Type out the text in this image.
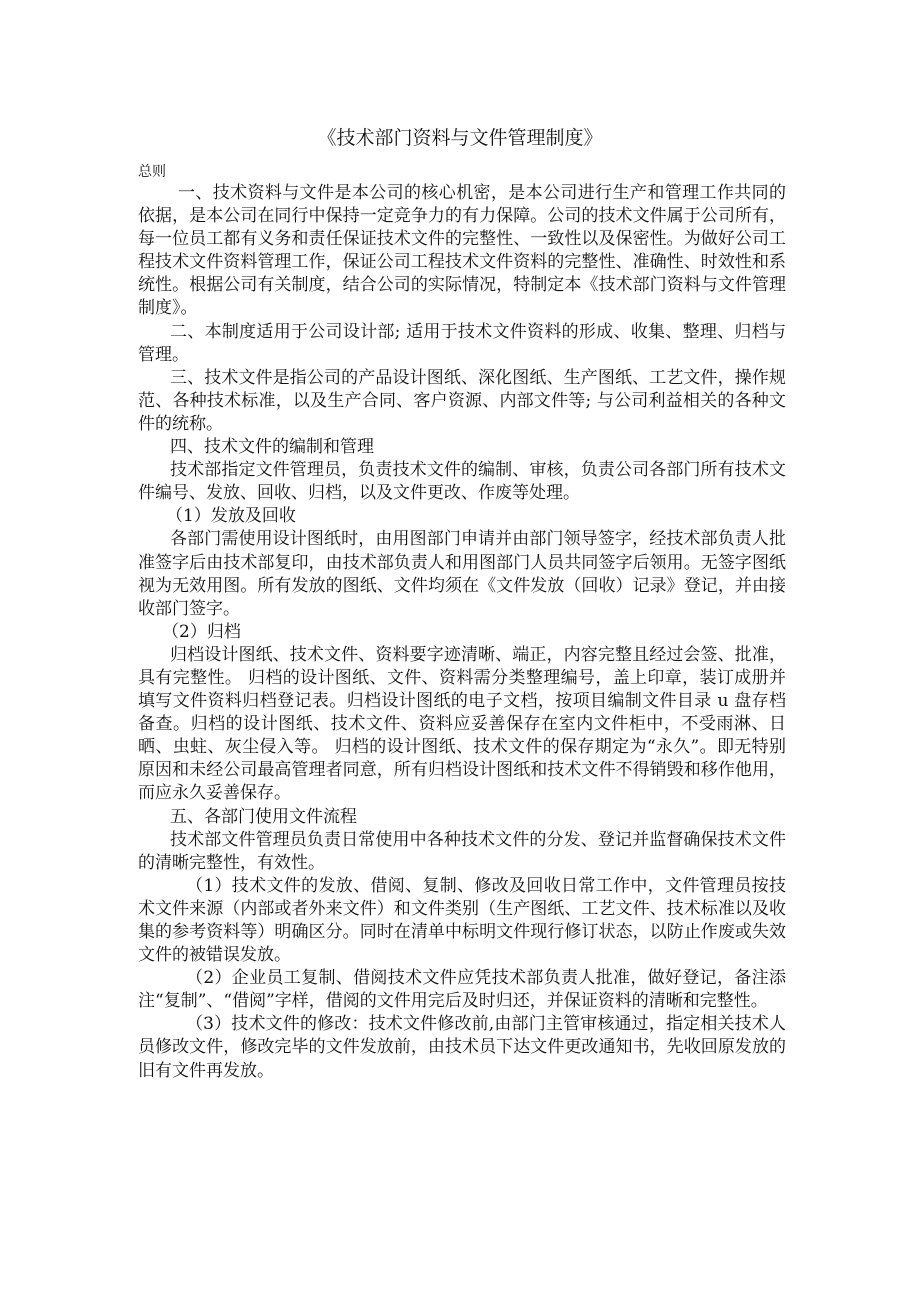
《技术部门资料与文件管理制度》
总则

一、技术资料与文件是本公司的核心机密，是本公司进行生产和管理工作共同的依据，是本公司在同行中保持一定竞争力的有力保障。公司的技术文件属于公司所有，每一位员工都有义务和责任保证技术文件的完整性、一致性以及保密性。为做好公司工程技术文件资料管理工作，保证公司工程技术文件资料的完整性、准确性、时效性和系统性。根据公司有关制度，结合公司的实际情况，特制定本《技术部门资料与文件管理制度》。

二、本制度适用于公司设计部; 适用于技术文件资料的形成、收集、整理、归档与管理。

三、技术文件是指公司的产品设计图纸、深化图纸、生产图纸、工艺文件，操作规范、各种技术标准，以及生产合同、客户资源、内部文件等; 与公司利益相关的各种文件的统称。

四、技术文件的编制和管理

技术部指定文件管理员，负责技术文件的编制、审核，负责公司各部门所有技术文件编号、发放、回收、归档，以及文件更改、作废等处理。

（1）发放及回收

各部门需使用设计图纸时，由用图部门申请并由部门领导签字，经技术部负责人批准签字后由技术部复印，由技术部负责人和用图部门人员共同签字后领用。无签字图纸视为无效用图。所有发放的图纸、文件均须在《文件发放（回收）记录》登记，并由接收部门签字。

（2）归档

归档设计图纸、技术文件、资料要字迹清晰、端正，内容完整且经过会签、批准，具有完整性。 归档的设计图纸、文件、资料需分类整理编号，盖上印章，装订成册并填写文件资料归档登记表。归档设计图纸的电子文档，按项目编制文件目录 u 盘存档备查。归档的设计图纸、技术文件、资料应妥善保存在室内文件柜中，不受雨淋、日晒、虫蛀、灰尘侵入等。 归档的设计图纸、技术文件的保存期定为“永久”。即无特别原因和未经公司最高管理者同意，所有归档设计图纸和技术文件不得销毁和移作他用，而应永久妥善保存。

五、各部门使用文件流程

技术部文件管理员负责日常使用中各种技术文件的分发、登记并监督确保技术文件的清晰完整性，有效性。

（1）技术文件的发放、借阅、复制、修改及回收日常工作中，文件管理员按技术文件来源（内部或者外来文件）和文件类别（生产图纸、工艺文件、技术标准以及收集的参考资料等）明确区分。同时在清单中标明文件现行修订状态，以防止作废或失效文件的被错误发放。

（2）企业员工复制、借阅技术文件应凭技术部负责人批准，做好登记，备注添注“复制”、“借阅”字样，借阅的文件用完后及时归还，并保证资料的清晰和完整性。

（3）技术文件的修改：技术文件修改前,由部门主管审核通过，指定相关技术人员修改文件，修改完毕的文件发放前，由技术员下达文件更改通知书，先收回原发放的旧有文件再发放。
